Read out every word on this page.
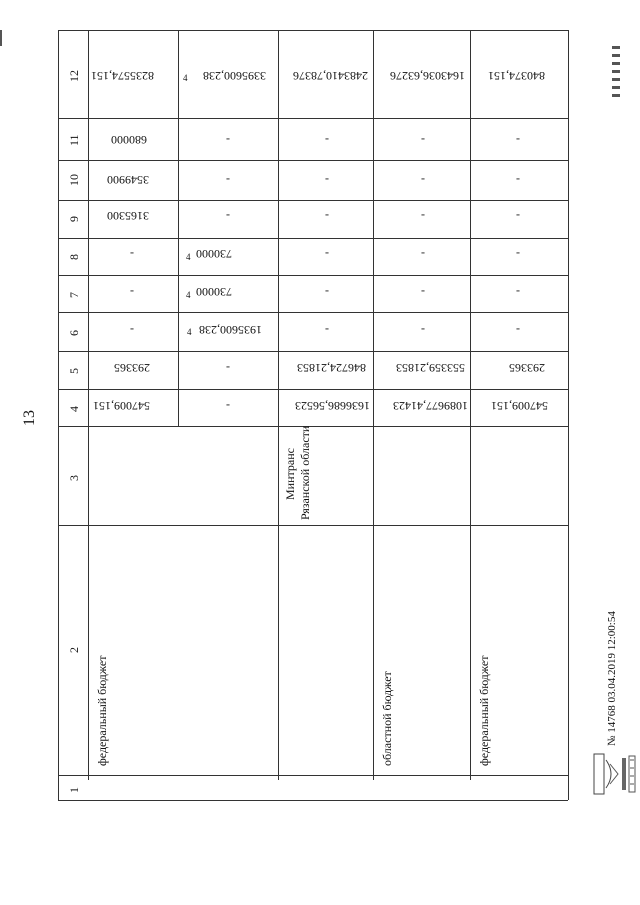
13
12
11
10
9
8
7
6
5
4
3
2
1
8235574,151
680000
3549900
3165300
-
-
-
293365
547009,151
федеральный бюджет
3395600,238
4
-
-
-
730000
4
730000
4
1935600,238
4
-
-
2483410,78376
-
-
-
-
-
-
846724,21853
1636686,56523
Минтранс Рязанской области
1643036,63276
-
-
-
-
-
-
553359,21853
1089677,41423
областной бюджет
840374,151
-
-
-
-
-
-
293365
547009,151
федеральный бюджет	№ 14768 03.04.2019 12:00:54
